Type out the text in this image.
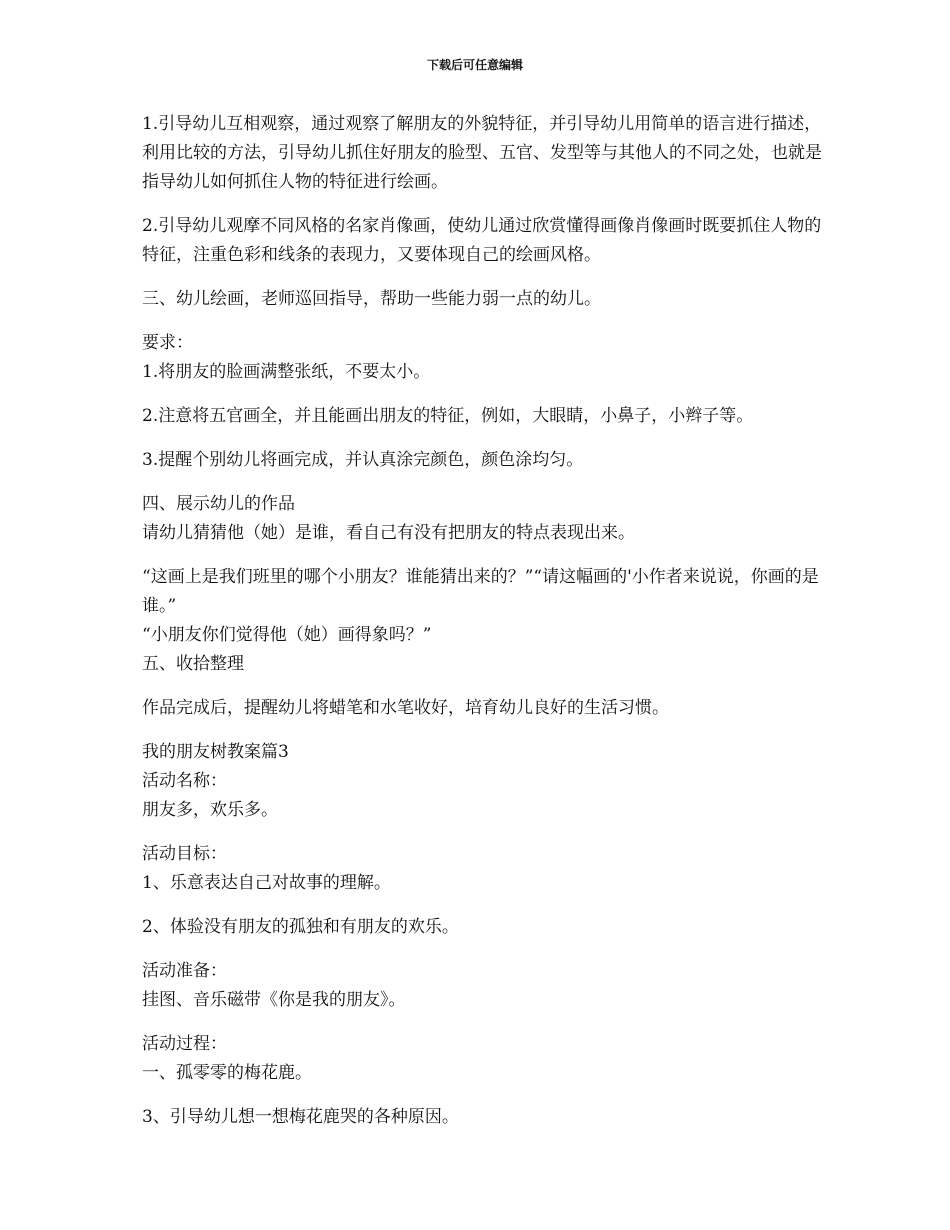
下载后可任意编辑

1.引导幼儿互相观察，通过观察了解朋友的外貌特征，并引导幼儿用简单的语言进行描述，利用比较的方法，引导幼儿抓住好朋友的脸型、五官、发型等与其他人的不同之处，也就是指导幼儿如何抓住人物的特征进行绘画。

2.引导幼儿观摩不同风格的名家肖像画，使幼儿通过欣赏懂得画像肖像画时既要抓住人物的特征，注重色彩和线条的表现力，又要体现自己的绘画风格。

三、幼儿绘画，老师巡回指导，帮助一些能力弱一点的幼儿。

要求：

1.将朋友的脸画满整张纸，不要太小。

2.注意将五官画全，并且能画出朋友的特征，例如，大眼睛，小鼻子，小辫子等。

3.提醒个别幼儿将画完成，并认真涂完颜色，颜色涂均匀。

四、展示幼儿的作品

请幼儿猜猜他（她）是谁，看自己有没有把朋友的特点表现出来。

“这画上是我们班里的哪个小朋友？谁能猜出来的？”“请这幅画的'小作者来说说，你画的是谁。”

“小朋友你们觉得他（她）画得象吗？”

五、收拾整理

作品完成后，提醒幼儿将蜡笔和水笔收好，培育幼儿良好的生活习惯。

我的朋友树教案篇3

活动名称：

朋友多，欢乐多。

活动目标：

1、乐意表达自己对故事的理解。

2、体验没有朋友的孤独和有朋友的欢乐。

活动准备：

挂图、音乐磁带《你是我的朋友》。

活动过程：

一、孤零零的梅花鹿。

3、引导幼儿想一想梅花鹿哭的各种原因。
